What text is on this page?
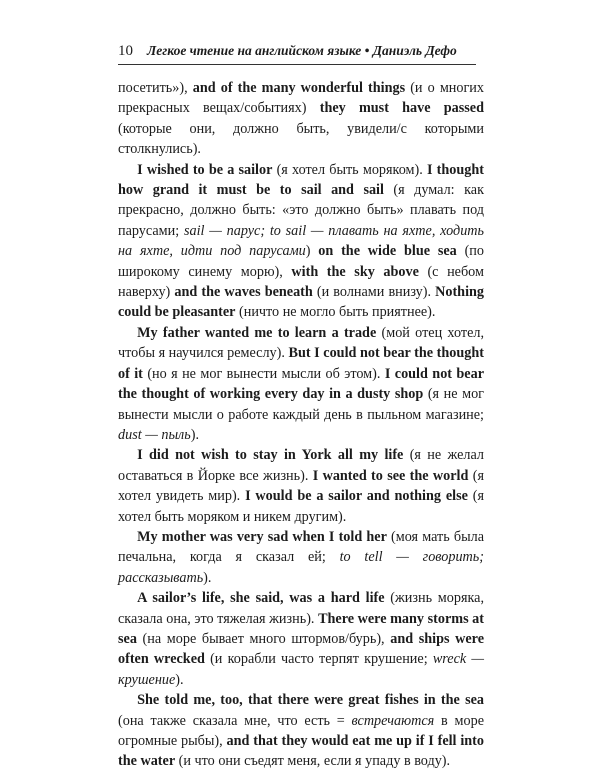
10 Легкое чтение на английском языке • Даниэль Дефо

посетить»), and of the many wonderful things (и о многих прекрасных вещах/событиях) they must have passed (которые они, должно быть, увидели/с которыми столкнулись).

I wished to be a sailor (я хотел быть моряком). I thought how grand it must be to sail and sail (я думал: как прекрасно, должно быть: «это должно быть» плавать под парусами; sail — парус; to sail — плавать на яхте, ходить на яхте, идти под парусами) on the wide blue sea (по широкому синему морю), with the sky above (с небом наверху) and the waves beneath (и волнами внизу). Nothing could be pleasanter (ничто не могло быть приятнее).

My father wanted me to learn a trade (мой отец хотел, чтобы я научился ремеслу). But I could not bear the thought of it (но я не мог вынести мысли об этом). I could not bear the thought of working every day in a dusty shop (я не мог вынести мысли о работе каждый день в пыльном магазине; dust — пыль).

I did not wish to stay in York all my life (я не желал оставаться в Йорке все жизнь). I wanted to see the world (я хотел увидеть мир). I would be a sailor and nothing else (я хотел быть моряком и никем другим).

My mother was very sad when I told her (моя мать была печальна, когда я сказал ей; to tell — говорить; рассказывать).

A sailor’s life, she said, was a hard life (жизнь моряка, сказала она, это тяжелая жизнь). There were many storms at sea (на море бывает много штормов/бурь), and ships were often wrecked (и корабли часто терпят крушение; wreck — крушение).

She told me, too, that there were great fishes in the sea (она также сказала мне, что есть = встречаются в море огромные рыбы), and that they would eat me up if I fell into the water (и что они съедят меня, если я упаду в воду).
